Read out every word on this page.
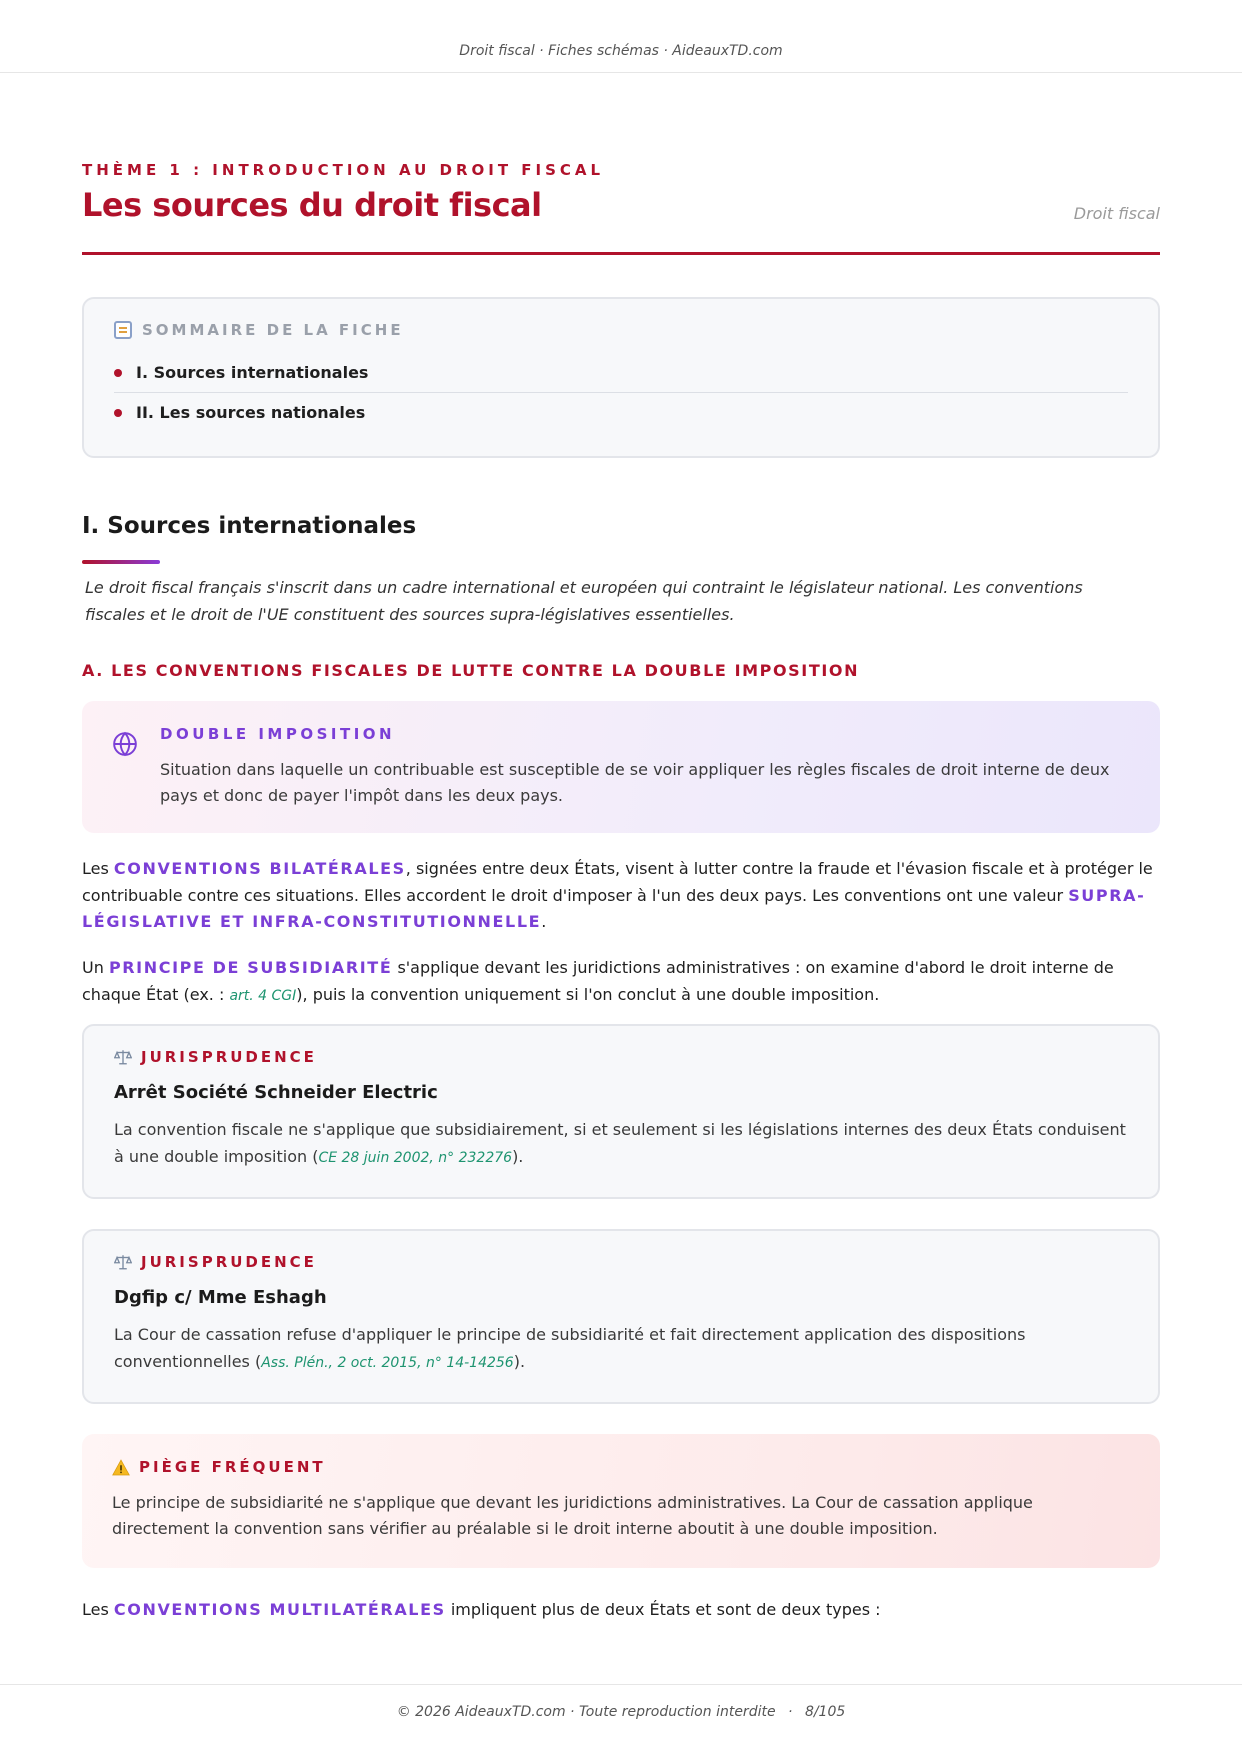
Droit fiscal · Fiches schémas · AideauxTD.com
THÈME 1 : INTRODUCTION AU DROIT FISCAL
Les sources du droit fiscal	Droit fiscal
SOMMAIRE DE LA FICHE
I. Sources internationales
II. Les sources nationales
I. Sources internationales

Le droit fiscal français s'inscrit dans un cadre international et européen qui contraint le législateur national. Les conventions fiscales et le droit de l'UE constituent des sources supra-législatives essentielles.

A. LES CONVENTIONS FISCALES DE LUTTE CONTRE LA DOUBLE IMPOSITION
DOUBLE IMPOSITION

Situation dans laquelle un contribuable est susceptible de se voir appliquer les règles fiscales de droit interne de deux pays et donc de payer l'impôt dans les deux pays.

Les CONVENTIONS BILATÉRALES, signées entre deux États, visent à lutter contre la fraude et l'évasion fiscale et à protéger le contribuable contre ces situations. Elles accordent le droit d'imposer à l'un des deux pays. Les conventions ont une valeur SUPRA-LÉGISLATIVE ET INFRA-CONSTITUTIONNELLE.

Un PRINCIPE DE SUBSIDIARITÉ s'applique devant les juridictions administratives : on examine d'abord le droit interne de chaque État (ex. : art. 4 CGI), puis la convention uniquement si l'on conclut à une double imposition.

JURISPRUDENCE
Arrêt Société Schneider Electric

La convention fiscale ne s'applique que subsidiairement, si et seulement si les législations internes des deux États conduisent à une double imposition (CE 28 juin 2002, n° 232276).

JURISPRUDENCE
Dgfip c/ Mme Eshagh

La Cour de cassation refuse d'appliquer le principe de subsidiarité et fait directement application des dispositions conventionnelles (Ass. Plén., 2 oct. 2015, n° 14-14256).

PIÈGE FRÉQUENT

Le principe de subsidiarité ne s'applique que devant les juridictions administratives. La Cour de cassation applique directement la convention sans vérifier au préalable si le droit interne aboutit à une double imposition.

Les CONVENTIONS MULTILATÉRALES impliquent plus de deux États et sont de deux types :

© 2026 AideauxTD.com · Toute reproduction interdite · 8/105
